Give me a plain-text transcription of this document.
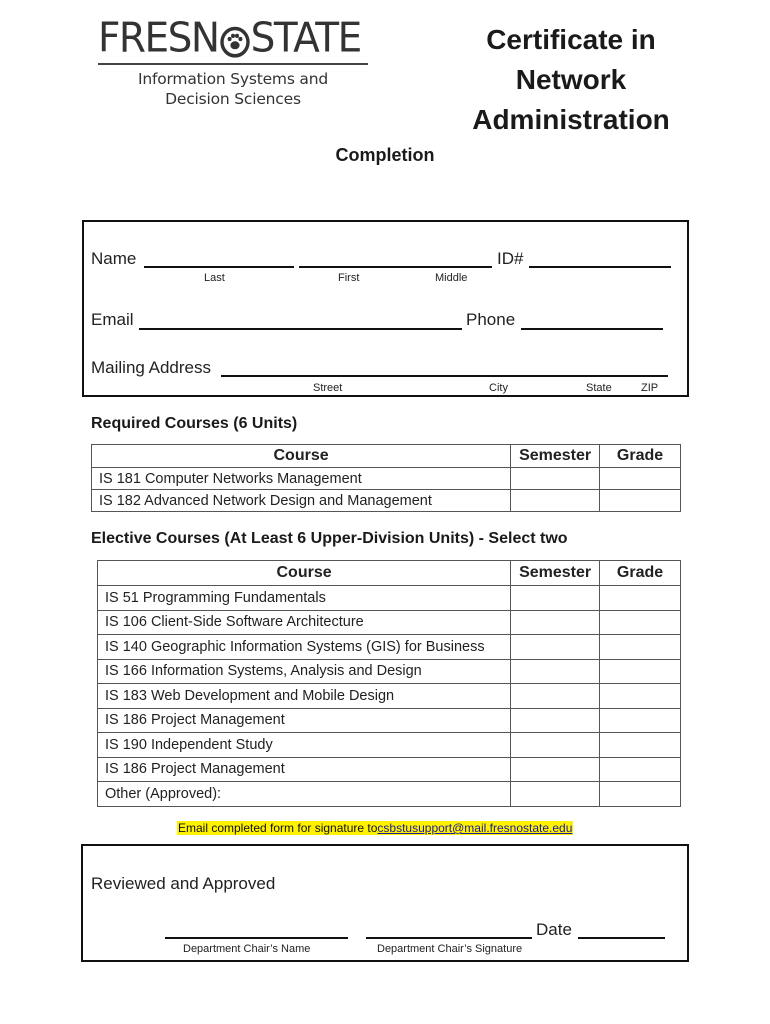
FRESN STATE
Information Systems and
Decision Sciences
Certificate in
Network
Administration
Completion
Name	ID#
Last	First	Middle
Email	Phone
Mailing Address
Street	City	State	ZIP
Required Courses (6 Units)
Course	Semester	Grade
IS 181 Computer Networks Management		
IS 182 Advanced Network Design and Management		
Elective Courses (At Least 6 Upper-Division Units) - Select two
Course	Semester	Grade
IS 51 Programming Fundamentals		
IS 106 Client-Side Software Architecture		
IS 140 Geographic Information Systems (GIS) for Business		
IS 166 Information Systems, Analysis and Design		
IS 183 Web Development and Mobile Design		
IS 186 Project Management		
IS 190 Independent Study		
IS 186 Project Management		
Other (Approved):		
Email completed form for signature tocsbstusupport@mail.fresnostate.edu
Reviewed and Approved
Date
Department Chair’s Name	Department Chair’s Signature
